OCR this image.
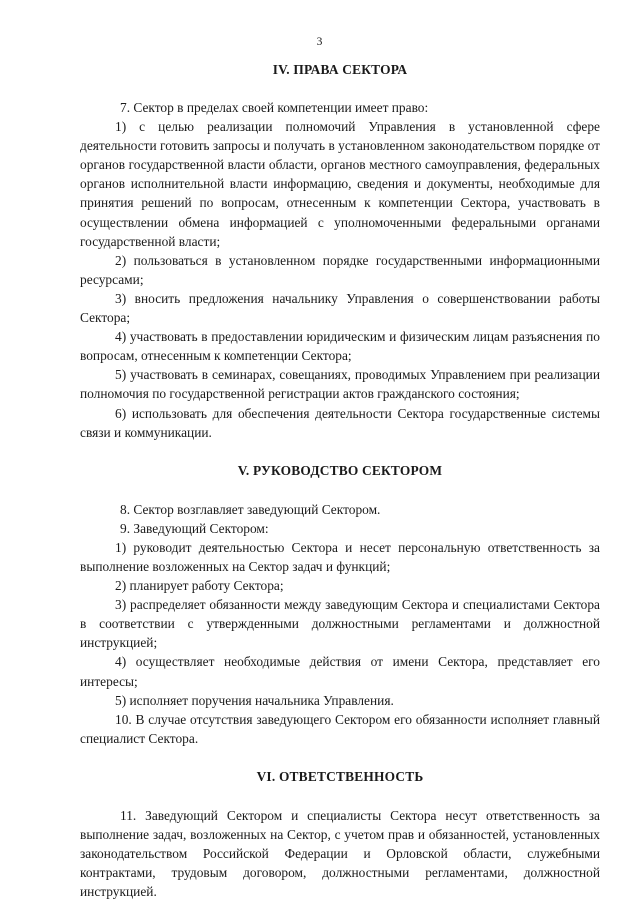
3
IV. ПРАВА СЕКТОРА

7. Сектор в пределах своей компетенции имеет право:

1) с целью реализации полномочий Управления в установленной сфере деятельности готовить запросы и получать в установленном законодательством порядке от органов государственной власти области, органов местного самоуправления, федеральных органов исполнительной власти информацию, сведения и документы, необходимые для принятия решений по вопросам, отнесенным к компетенции Сектора, участвовать в осуществлении обмена информацией с уполномоченными федеральными органами государственной власти;

2) пользоваться в установленном порядке государственными информационными ресурсами;

3) вносить предложения начальнику Управления о совершенствовании работы Сектора;

4) участвовать в предоставлении юридическим и физическим лицам разъяснения по вопросам, отнесенным к компетенции Сектора;

5) участвовать в семинарах, совещаниях, проводимых Управлением при реализации полномочия по государственной регистрации актов гражданского состояния;

6) использовать для обеспечения деятельности Сектора государственные системы связи и коммуникации.

V. РУКОВОДСТВО СЕКТОРОМ

8. Сектор возглавляет заведующий Сектором.

9. Заведующий Сектором:

1) руководит деятельностью Сектора и несет персональную ответственность за выполнение возложенных на Сектор задач и функций;

2) планирует работу Сектора;

3) распределяет обязанности между заведующим Сектора и специалистами Сектора в соответствии с утвержденными должностными регламентами и должностной инструкцией;

4) осуществляет необходимые действия от имени Сектора, представляет его интересы;

5) исполняет поручения начальника Управления.

10. В случае отсутствия заведующего Сектором его обязанности исполняет главный специалист Сектора.

VI. ОТВЕТСТВЕННОСТЬ

11. Заведующий Сектором и специалисты Сектора несут ответственность за выполнение задач, возложенных на Сектор, с учетом прав и обязанностей, установленных законодательством Российской Федерации и Орловской области, служебными контрактами, трудовым договором, должностными регламентами, должностной инструкцией.
